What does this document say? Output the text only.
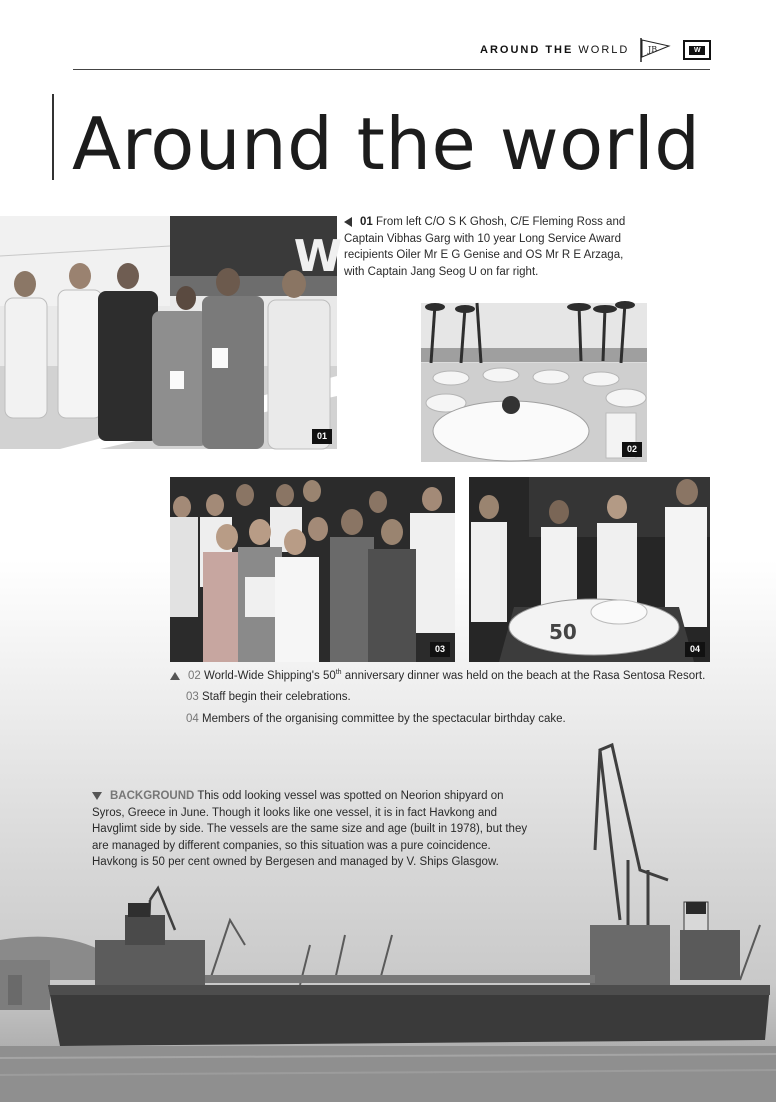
AROUND THE WORLD JB	W
Around the world
W
01
01 From left C/O S K Ghosh, C/E Fleming Ross and Captain Vibhas Garg with 10 year Long Service Award recipients Oiler Mr E G Genise and OS Mr R E Arzaga, with Captain Jang Seog U on far right.
02
03
50
04
02 World-Wide Shipping's 50th anniversary dinner was held on the beach at the Rasa Sentosa Resort.
03 Staff begin their celebrations.
04 Members of the organising committee by the spectacular birthday cake.
BACKGROUND This odd looking vessel was spotted on Neorion shipyard on Syros, Greece in June. Though it looks like one vessel, it is in fact Havkong and Havglimt side by side. The vessels are the same size and age (built in 1978), but they are managed by different companies, so this situation was a pure coincidence. Havkong is 50 per cent owned by Bergesen and managed by V. Ships Glasgow.
